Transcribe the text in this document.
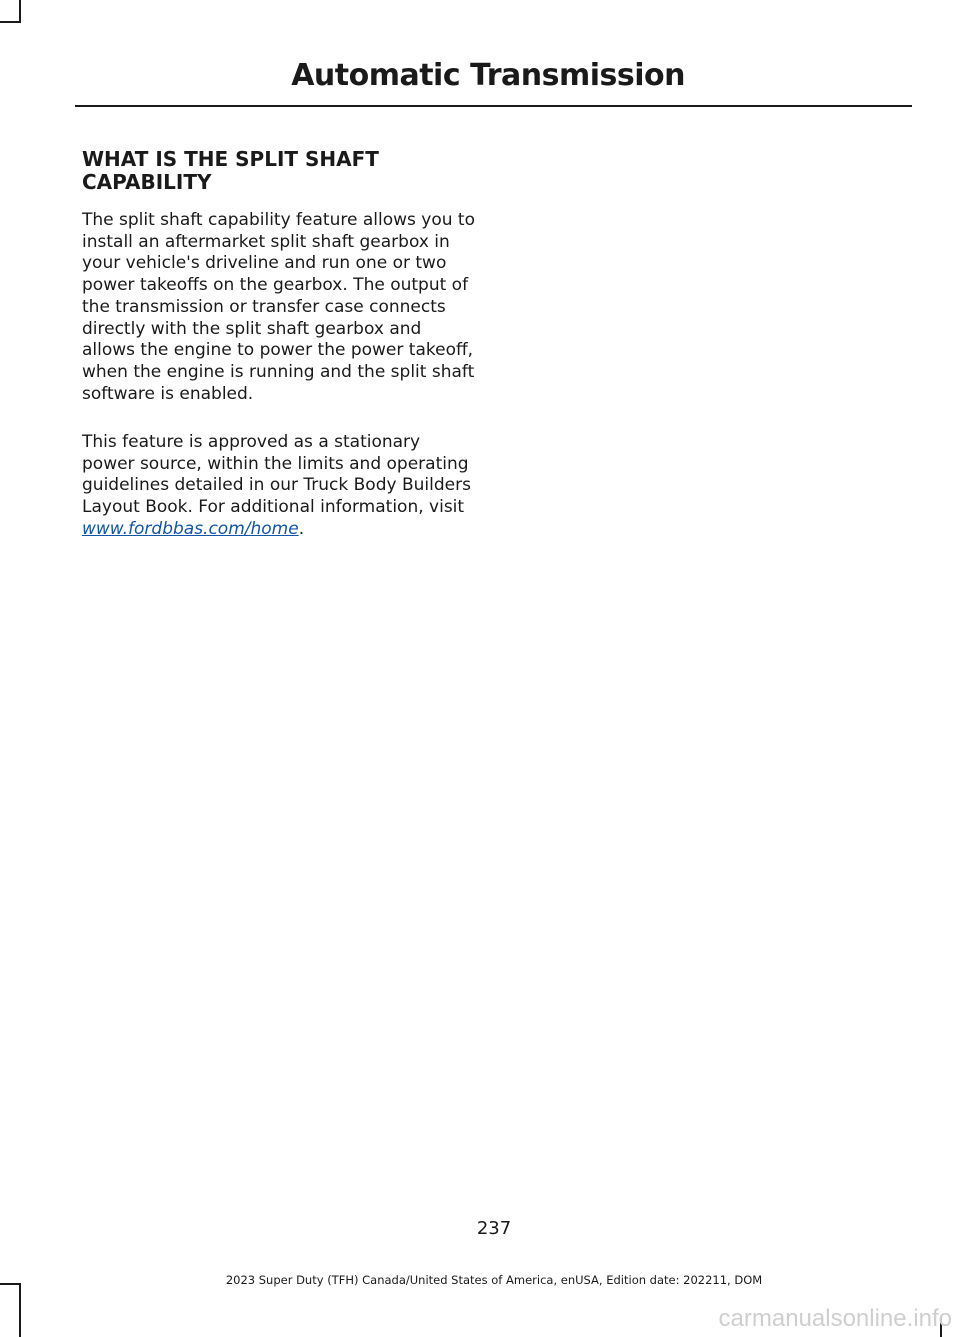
Automatic Transmission
WHAT IS THE SPLIT SHAFT CAPABILITY
The split shaft capability feature allows you to install an aftermarket split shaft gearbox in your vehicle's driveline and run one or two power takeoffs on the gearbox. The output of the transmission or transfer case connects directly with the split shaft gearbox and allows the engine to power the power takeoff, when the engine is running and the split shaft software is enabled.
This feature is approved as a stationary power source, within the limits and operating guidelines detailed in our Truck Body Builders Layout Book. For additional information, visit www.fordbbas.com/home.
237
2023 Super Duty (TFH) Canada/United States of America, enUSA, Edition date: 202211, DOM
carmanualsonline.info
